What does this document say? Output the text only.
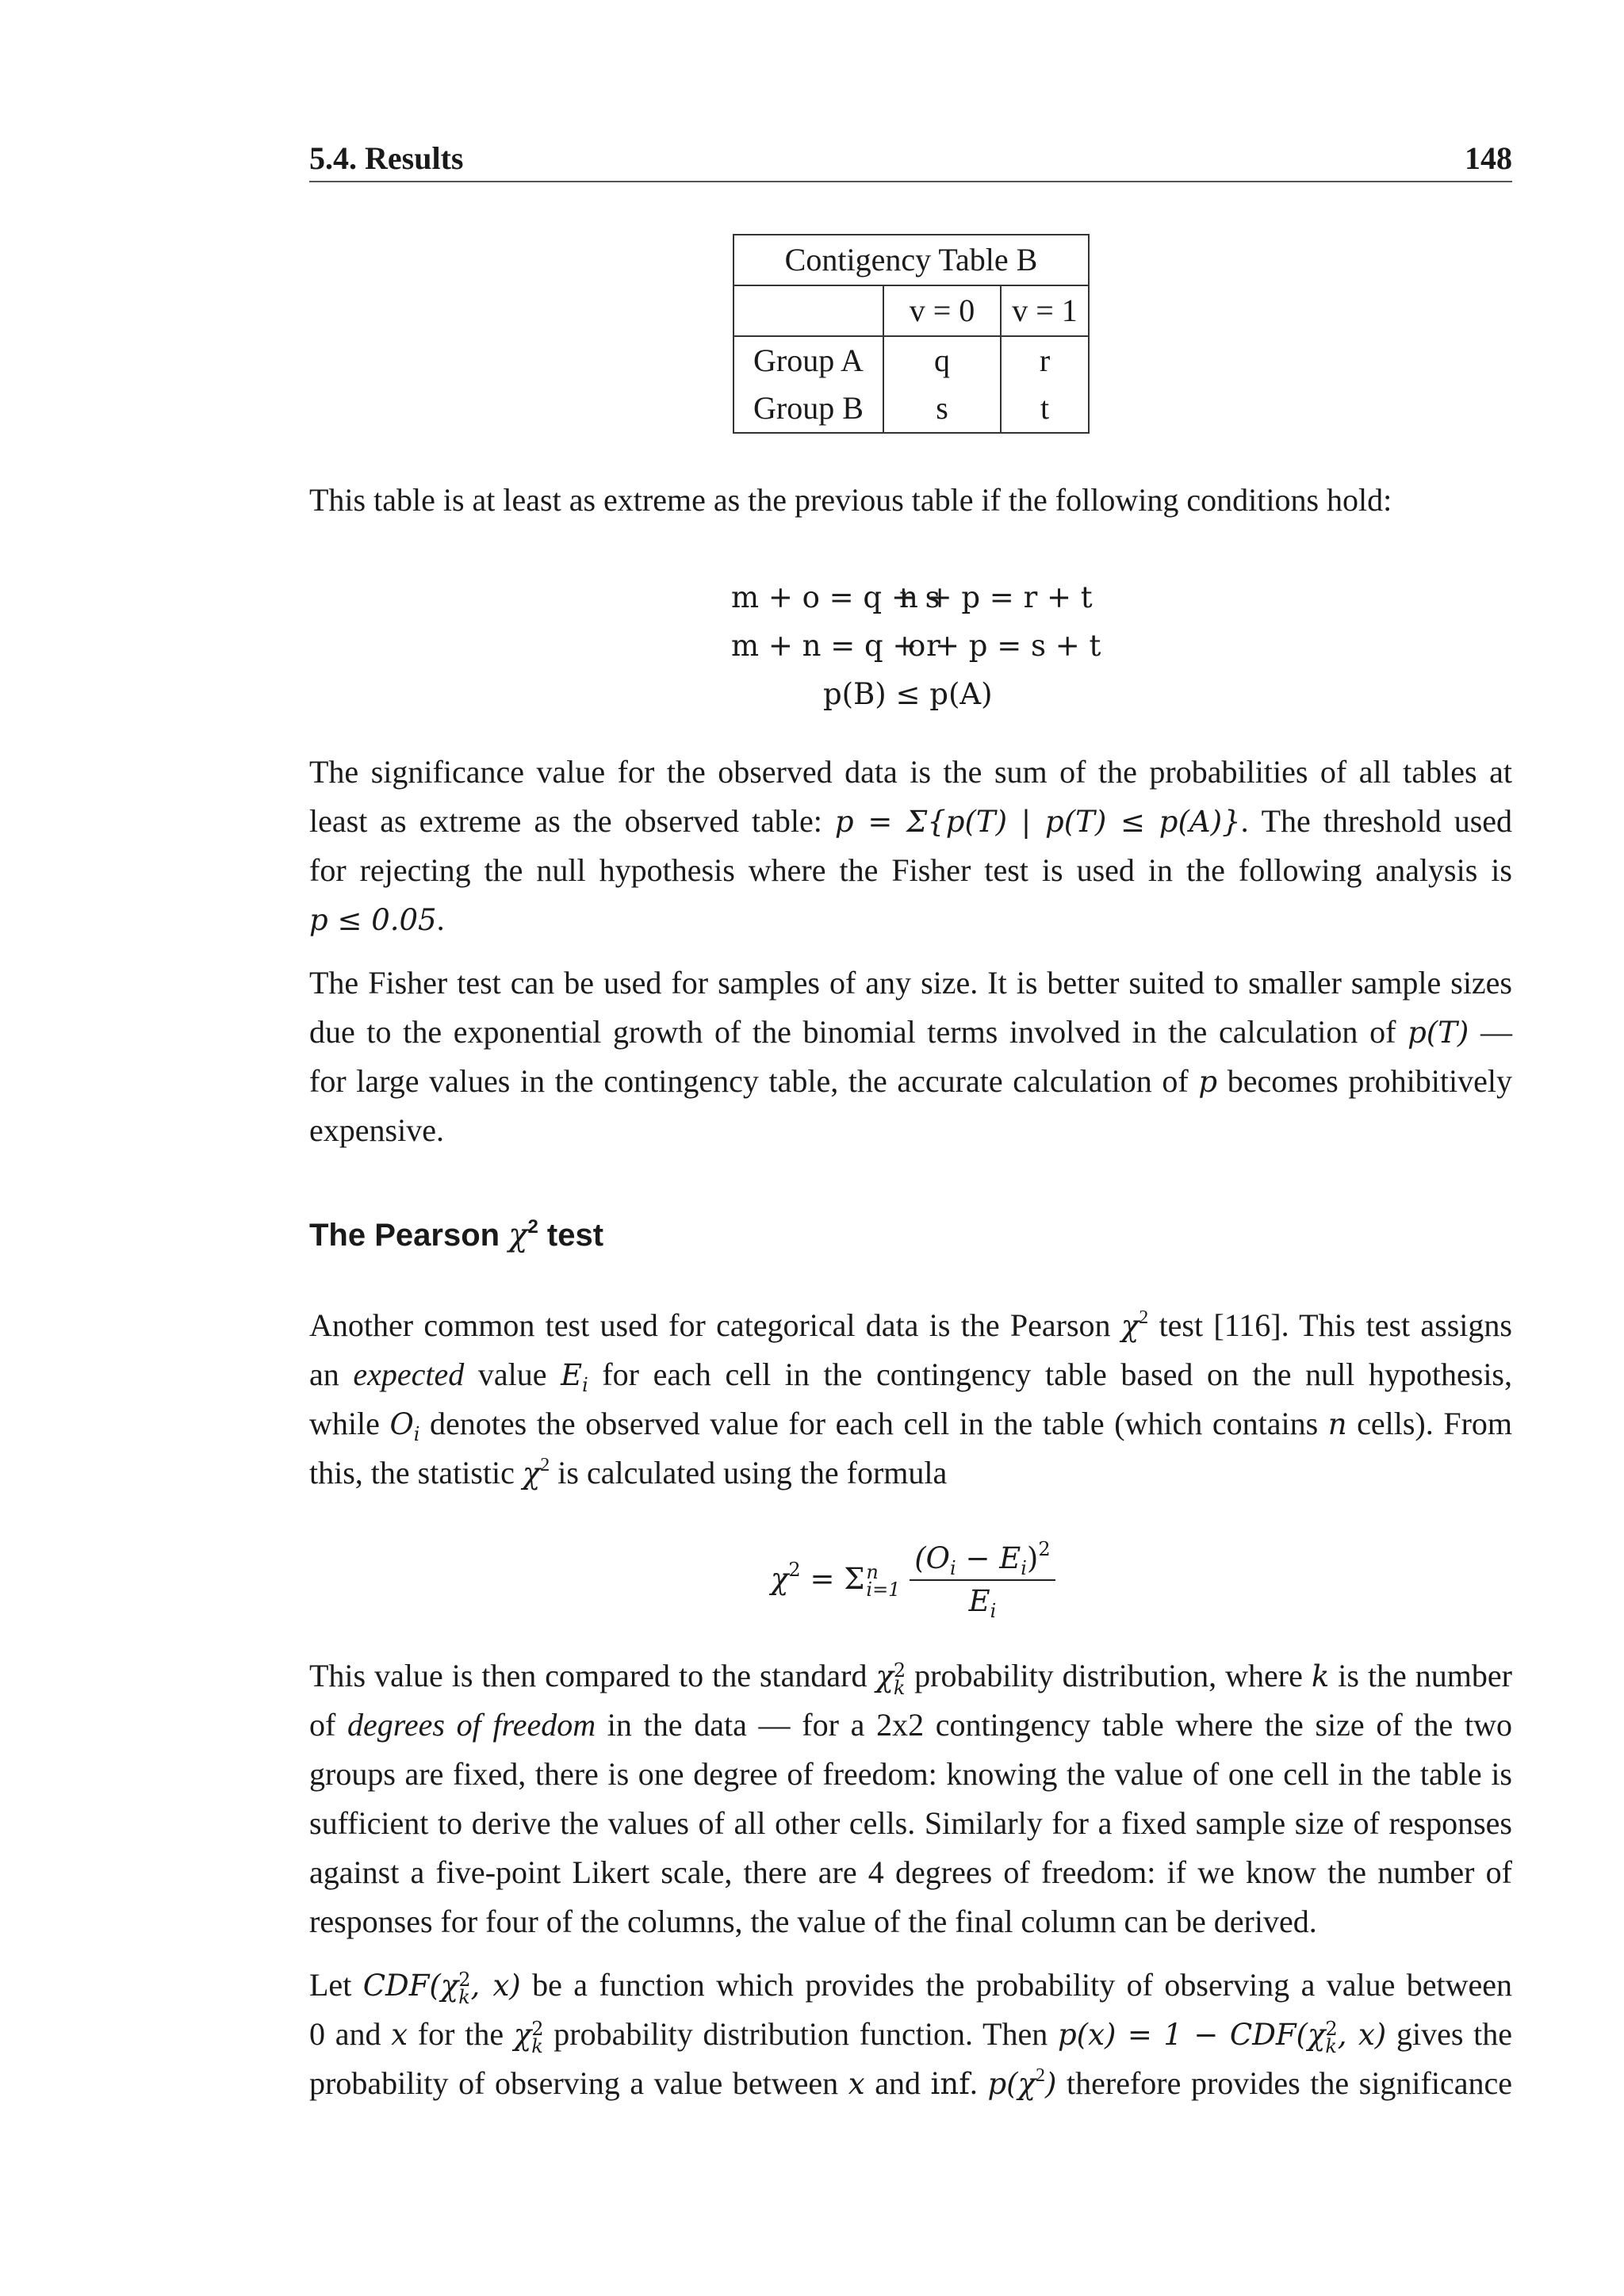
5.4. Results	148
Contigency Table B		
	v = 0	v = 1
Group A	q	r
Group B	s	t
This table is at least as extreme as the previous table if the following conditions hold:
m + o = q + s
n + p = r + t
m + n = q + r
o + p = s + t
p(B) ≤ p(A)
The significance value for the observed data is the sum of the probabilities of all tables at
least as extreme as the observed table: p = Σ{p(T) | p(T) ≤ p(A)}. The threshold used
for rejecting the null hypothesis where the Fisher test is used in the following analysis is
p ≤ 0.05.
The Fisher test can be used for samples of any size. It is better suited to smaller sample sizes
due to the exponential growth of the binomial terms involved in the calculation of p(T) —
for large values in the contingency table, the accurate calculation of p becomes prohibitively
expensive.
The Pearson $\chi^2$ test
Another common test used for categorical data is the Pearson $\chi^2$ test [116]. This test assigns
an expected value $E_i$ for each cell in the contingency table based on the null hypothesis,
while $O_i$ denotes the observed value for each cell in the table (which contains n cells). From
this, the statistic $\chi^2$ is calculated using the formula
$\chi^2 = \Sigma$ n
i=1
$\frac{(O_i - E_i)^2}{E_i}$
This value is then compared to the standard χ 2
k probability distribution, where k is the number
of degrees of freedom in the data — for a 2x2 contingency table where the size of the two
groups are fixed, there is one degree of freedom: knowing the value of one cell in the table is
sufficient to derive the values of all other cells. Similarly for a fixed sample size of responses
against a five-point Likert scale, there are 4 degrees of freedom: if we know the number of
responses for four of the columns, the value of the final column can be derived.
Let CDF(χ 2
k , x) be a function which provides the probability of observing a value between
0 and x for the χ 2
k probability distribution function. Then p(x) = 1 − CDF(χ 2
k , x) gives the
probability of observing a value between x and inf. $p(\chi^2)$ therefore provides the significance
